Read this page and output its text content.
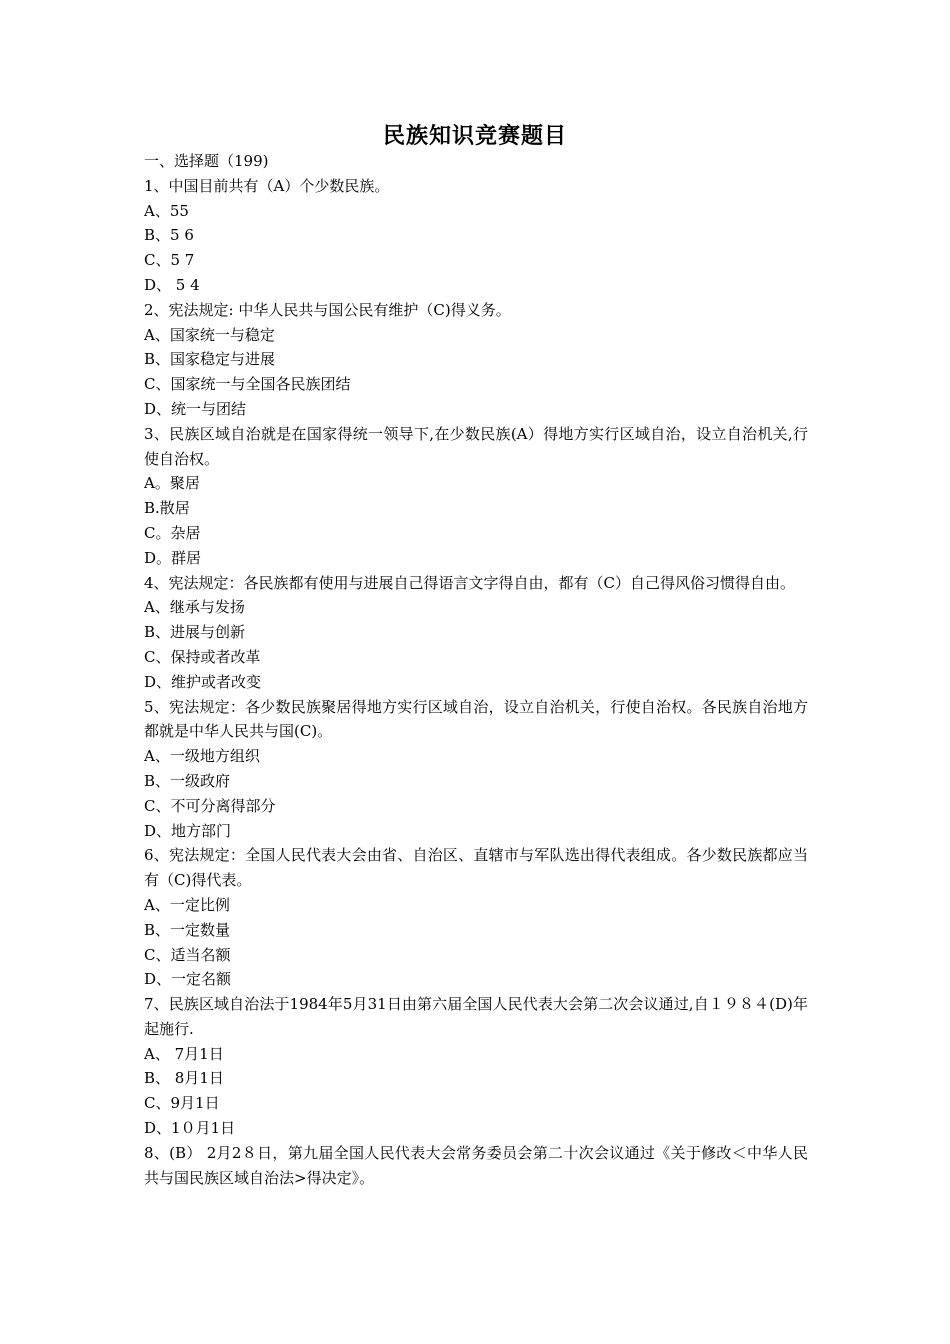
民族知识竞赛题目
一、选择题（199)
1、中国目前共有（A）个少数民族。
A、55
B、5 6
C、5 7
D、 5 4
2、宪法规定: 中华人民共与国公民有维护（C)得义务。
A、国家统一与稳定
B、国家稳定与进展
C、国家统一与全国各民族团结
D、统一与团结
3、民族区域自治就是在国家得统一领导下,在少数民族(A）得地方实行区域自治，设立自治机关,行使自治权。
A。聚居
B.散居
C。杂居
D。群居
4、宪法规定：各民族都有使用与进展自己得语言文字得自由，都有（C）自己得风俗习惯得自由。
A、继承与发扬
B、进展与创新
C、保持或者改革
D、维护或者改变
5、宪法规定：各少数民族聚居得地方实行区域自治，设立自治机关，行使自治权。各民族自治地方都就是中华人民共与国(C)。
A、一级地方组织
B、一级政府
C、不可分离得部分
D、地方部门
6、宪法规定：全国人民代表大会由省、自治区、直辖市与军队选出得代表组成。各少数民族都应当有（C)得代表。
A、一定比例
B、一定数量
C、适当名额
D、一定名额
7、民族区域自治法于1984年5月31日由第六届全国人民代表大会第二次会议通过,自１９８４(D)年起施行.
A、 7月1日
B、 8月1日
C、9月1日
D、1０月1日
8、(B） 2月2８日，第九届全国人民代表大会常务委员会第二十次会议通过《关于修改＜中华人民共与国民族区域自治法>得决定》。
